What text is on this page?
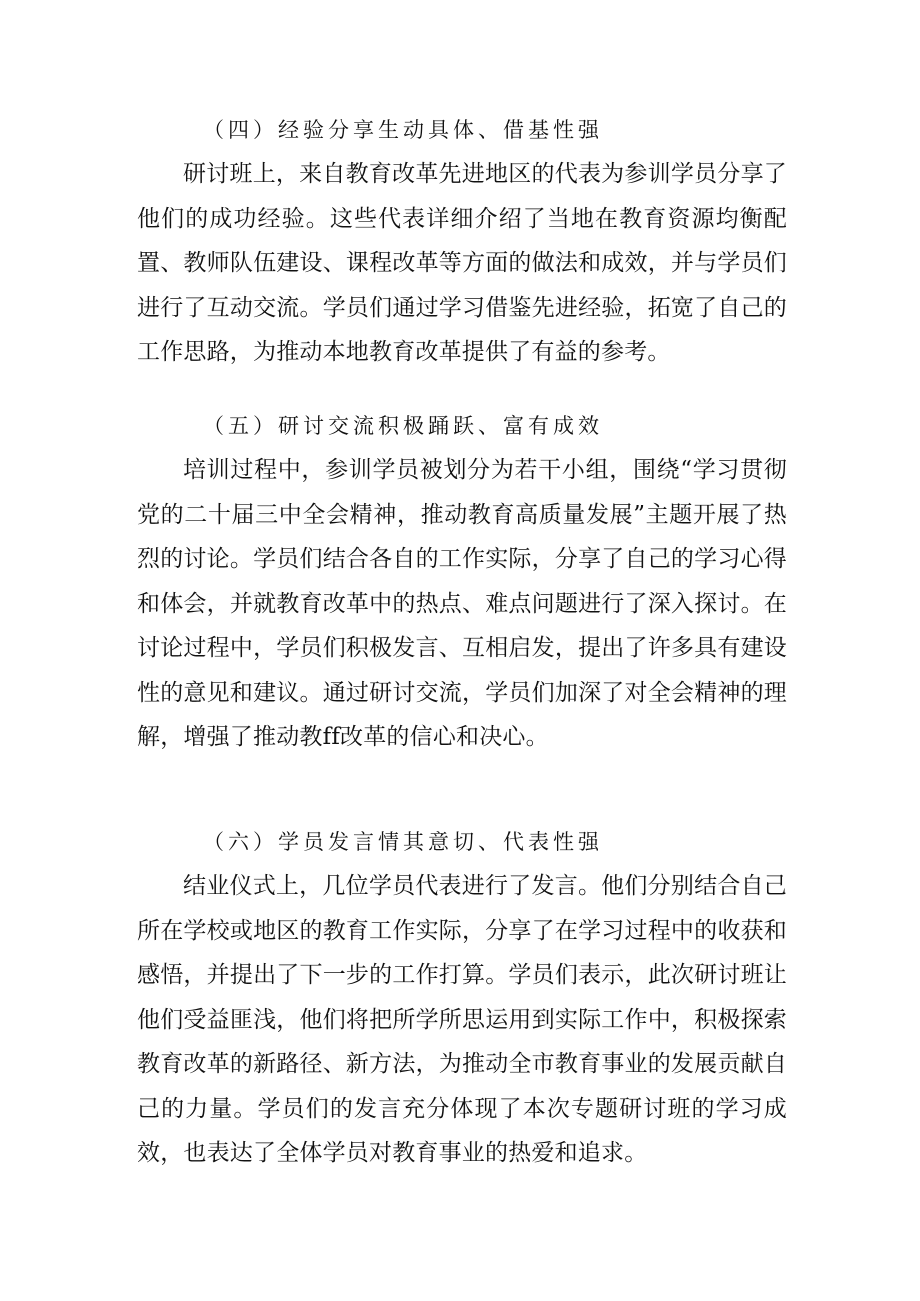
（四）经验分享生动具体、借基性强

研讨班上，来自教育改革先进地区的代表为参训学员分享了他们的成功经验。这些代表详细介绍了当地在教育资源均衡配置、教师队伍建设、课程改革等方面的做法和成效，并与学员们进行了互动交流。学员们通过学习借鉴先进经验，拓宽了自己的工作思路，为推动本地教育改革提供了有益的参考。

（五）研讨交流积极踊跃、富有成效

培训过程中，参训学员被划分为若干小组，围绕“学习贯彻党的二十届三中全会精神，推动教育高质量发展”主题开展了热烈的讨论。学员们结合各自的工作实际，分享了自己的学习心得和体会，并就教育改革中的热点、难点问题进行了深入探讨。在讨论过程中，学员们积极发言、互相启发，提出了许多具有建设性的意见和建议。通过研讨交流，学员们加深了对全会精神的理解，增强了推动教ff改革的信心和决心。

（六）学员发言情其意切、代表性强

结业仪式上，几位学员代表进行了发言。他们分别结合自己所在学校或地区的教育工作实际，分享了在学习过程中的收获和感悟，并提出了下一步的工作打算。学员们表示，此次研讨班让他们受益匪浅，他们将把所学所思运用到实际工作中，积极探索教育改革的新路径、新方法，为推动全市教育事业的发展贡献自己的力量。学员们的发言充分体现了本次专题研讨班的学习成效，也表达了全体学员对教育事业的热爱和追求。
